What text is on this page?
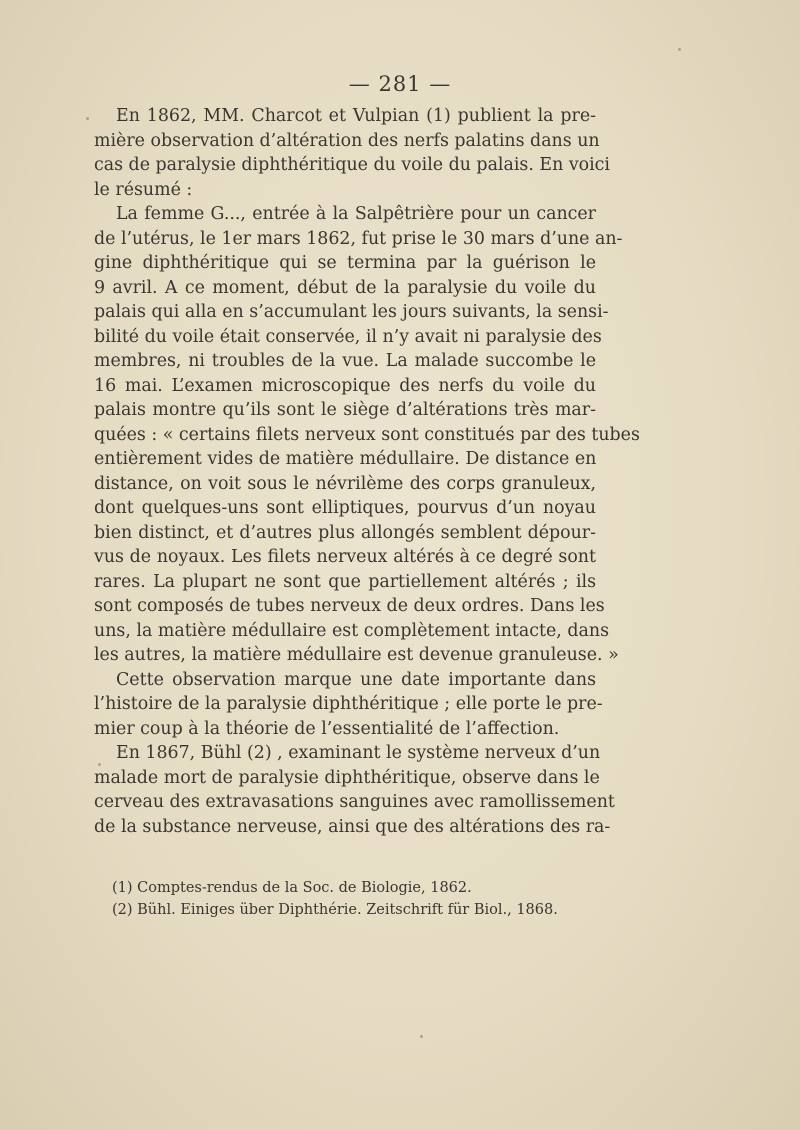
— 281 —
En 1862, MM. Charcot et Vulpian (1) publient la pre-
mière observation d’altération des nerfs palatins dans un
cas de paralysie diphthéritique du voile du palais. En voici
le résumé :
La femme G..., entrée à la Salpêtrière pour un cancer
de l’utérus, le 1er mars 1862, fut prise le 30 mars d’une an-
gine diphthéritique qui se termina par la guérison le
9 avril. A ce moment, début de la paralysie du voile du
palais qui alla en s’accumulant les jours suivants, la sensi-
bilité du voile était conservée, il n’y avait ni paralysie des
membres, ni troubles de la vue. La malade succombe le
16 mai. L’examen microscopique des nerfs du voile du
palais montre qu’ils sont le siège d’altérations très mar-
quées : « certains filets nerveux sont constitués par des tubes
entièrement vides de matière médullaire. De distance en
distance, on voit sous le névrilème des corps granuleux,
dont quelques-uns sont elliptiques, pourvus d’un noyau
bien distinct, et d’autres plus allongés semblent dépour-
vus de noyaux. Les filets nerveux altérés à ce degré sont
rares. La plupart ne sont que partiellement altérés ; ils
sont composés de tubes nerveux de deux ordres. Dans les
uns, la matière médullaire est complètement intacte, dans
les autres, la matière médullaire est devenue granuleuse. »
Cette observation marque une date importante dans
l’histoire de la paralysie diphthéritique ; elle porte le pre-
mier coup à la théorie de l’essentialité de l’affection.
En 1867, Bühl (2) , examinant le système nerveux d’un
malade mort de paralysie diphthéritique, observe dans le
cerveau des extravasations sanguines avec ramollissement
de la substance nerveuse, ainsi que des altérations des ra-
(1) Comptes-rendus de la Soc. de Biologie, 1862.
(2) Bühl. Einiges über Diphthérie. Zeitschrift für Biol., 1868.
